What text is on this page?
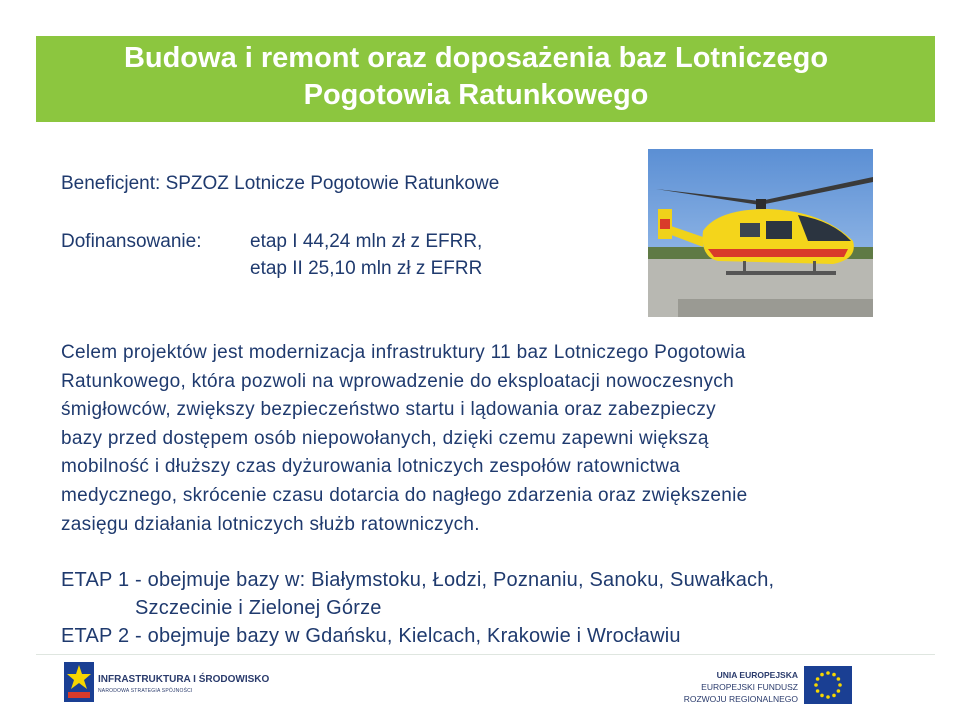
Budowa i remont oraz doposażenia baz Lotniczego
Pogotowia Ratunkowego
Beneficjent: SPZOZ Lotnicze Pogotowie Ratunkowe
Dofinansowanie:	etap I 44,24 mln zł z EFRR,
etap II 25,10 mln zł z EFRR
Celem projektów jest modernizacja infrastruktury 11 baz Lotniczego Pogotowia
Ratunkowego, która pozwoli na wprowadzenie do eksploatacji nowoczesnych
śmigłowców, zwiększy bezpieczeństwo startu i lądowania oraz zabezpieczy
bazy przed dostępem osób niepowołanych, dzięki czemu zapewni większą
mobilność i dłuższy czas dyżurowania lotniczych zespołów ratownictwa
medycznego, skrócenie czasu dotarcia do nagłego zdarzenia oraz zwiększenie
zasięgu działania lotniczych służb ratowniczych.
ETAP 1 - obejmuje bazy w: Białymstoku, Łodzi, Poznaniu, Sanoku, Suwałkach,
Szczecinie i Zielonej Górze
ETAP 2 - obejmuje bazy w Gdańsku, Kielcach, Krakowie i Wrocławiu
INFRASTRUKTURA I ŚRODOWISKO
NARODOWA STRATEGIA SPÓJNOŚCI
UNIA EUROPEJSKA
EUROPEJSKI FUNDUSZ
ROZWOJU REGIONALNEGO
